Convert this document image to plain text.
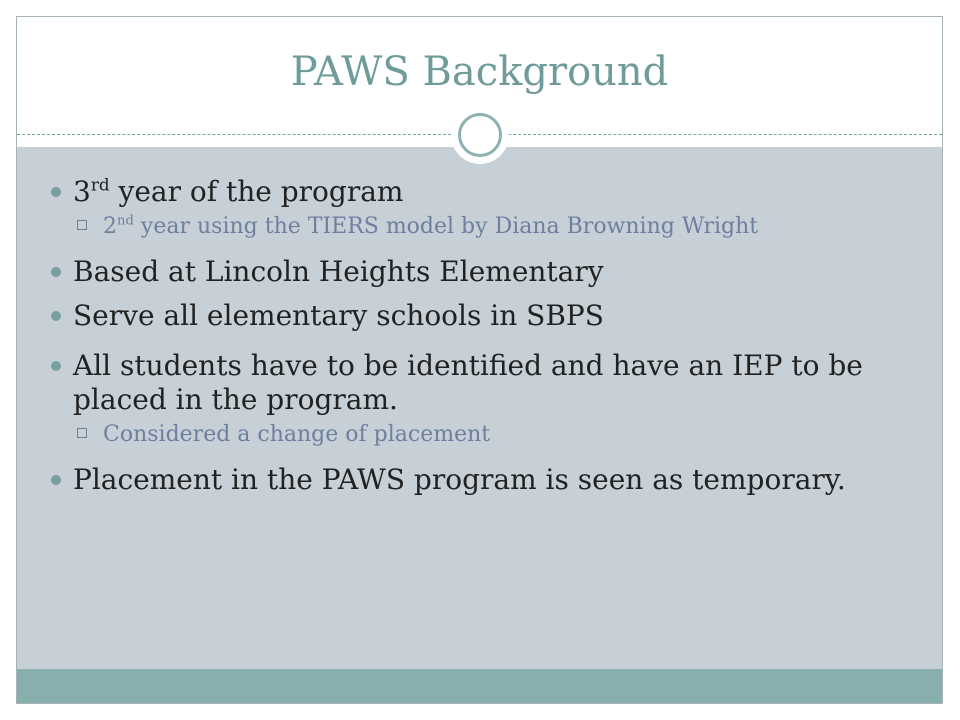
PAWS Background
3rd year of the program
2nd year using the TIERS model by Diana Browning Wright
Based at Lincoln Heights Elementary
Serve all elementary schools in SBPS
All students have to be identified and have an IEP to be placed in the program.
Considered a change of placement
Placement in the PAWS program is seen as temporary.
